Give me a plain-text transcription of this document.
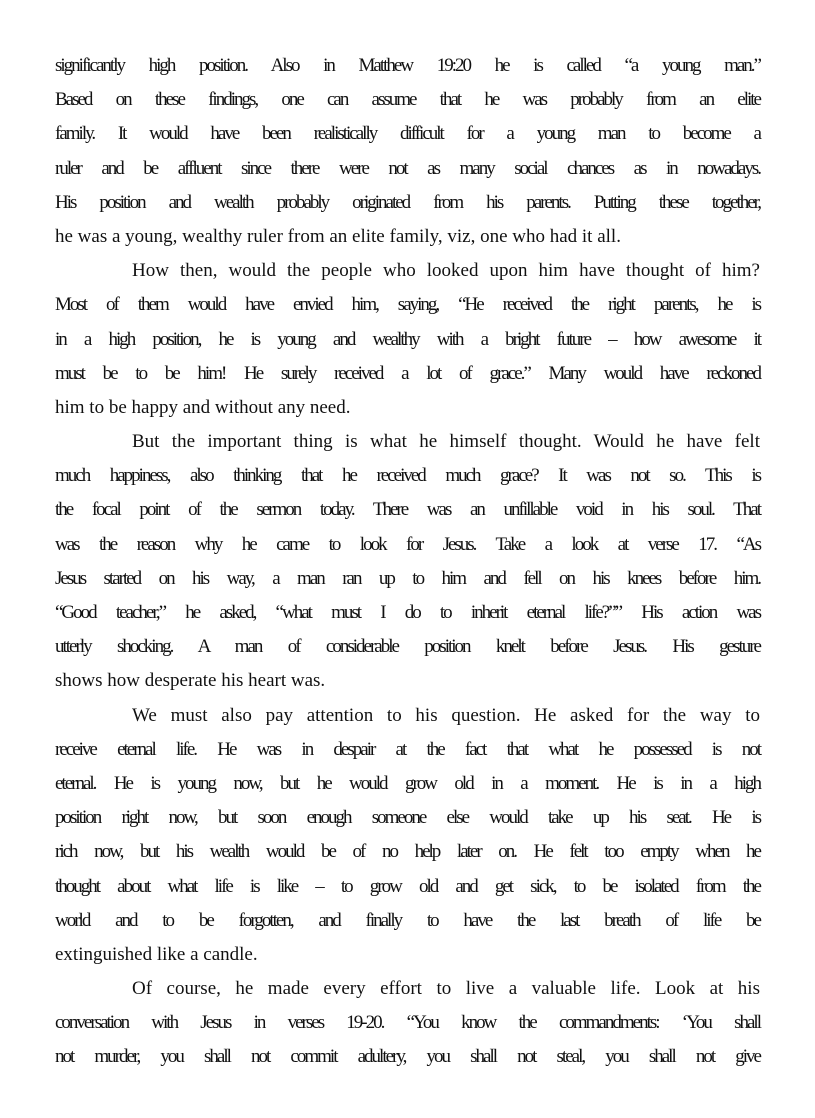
significantly high position. Also in Matthew 19:20 he is called “a young man.”
Based on these findings, one can assume that he was probably from an elite
family. It would have been realistically difficult for a young man to become a
ruler and be affluent since there were not as many social chances as in nowadays.
His position and wealth probably originated from his parents. Putting these together,
he was a young, wealthy ruler from an elite family, viz, one who had it all.
How then, would the people who looked upon him have thought of him?
Most of them would have envied him, saying, “He received the right parents, he is
in a high position, he is young and wealthy with a bright future – how awesome it
must be to be him! He surely received a lot of grace.” Many would have reckoned
him to be happy and without any need.
But the important thing is what he himself thought. Would he have felt
much happiness, also thinking that he received much grace? It was not so. This is
the focal point of the sermon today. There was an unfillable void in his soul. That
was the reason why he came to look for Jesus. Take a look at verse 17. “As
Jesus started on his way, a man ran up to him and fell on his knees before him.
“Good teacher,” he asked, “what must I do to inherit eternal life?”” His action was
utterly shocking. A man of considerable position knelt before Jesus. His gesture
shows how desperate his heart was.
We must also pay attention to his question. He asked for the way to
receive eternal life. He was in despair at the fact that what he possessed is not
eternal. He is young now, but he would grow old in a moment. He is in a high
position right now, but soon enough someone else would take up his seat. He is
rich now, but his wealth would be of no help later on. He felt too empty when he
thought about what life is like – to grow old and get sick, to be isolated from the
world and to be forgotten, and finally to have the last breath of life be
extinguished like a candle.
Of course, he made every effort to live a valuable life. Look at his
conversation with Jesus in verses 19-20. “You know the commandments: ‘You shall
not murder, you shall not commit adultery, you shall not steal, you shall not give
